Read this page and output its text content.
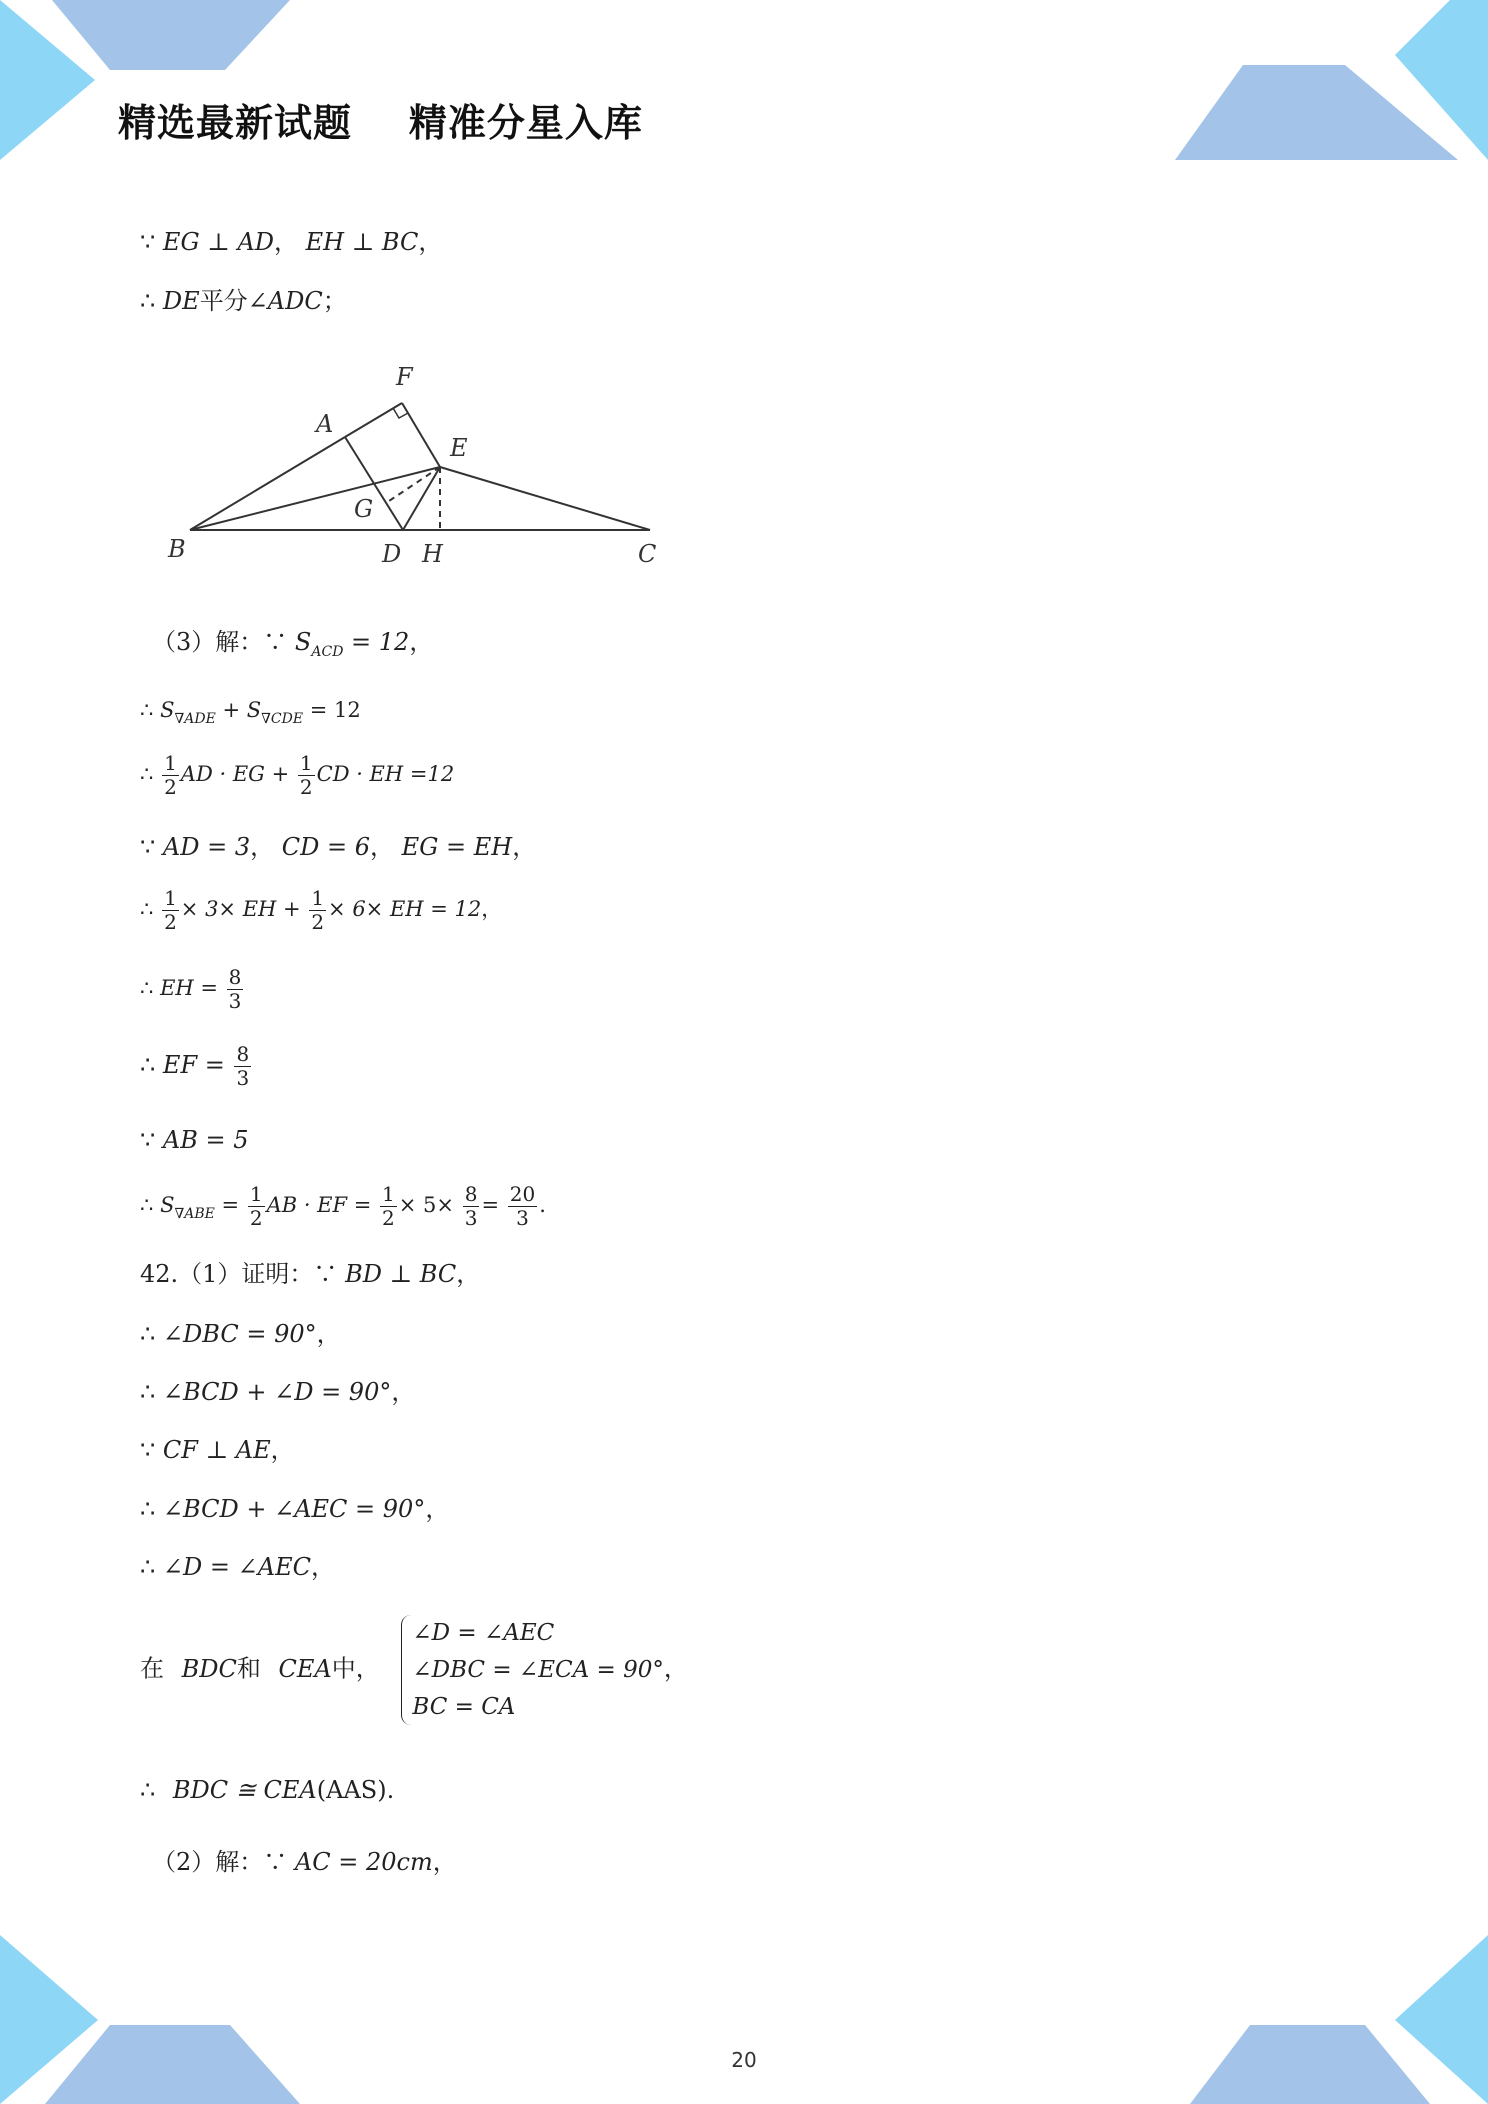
精选最新试题    精准分星入库
∵ EG ⊥ AD， EH ⊥ BC，
∴ DE平分∠ADC；
F
A
E
G
B	D H	C
（3）解：∵ $S_{ACD} = 12$，
∴ $S_{\nabla ADE} + S_{\nabla CDE} = 12$
∴ $\frac{1}{2}$ AD · EG + $\frac{1}{2}$ CD · EH =12
∵ AD = 3， CD = 6， EG = EH，
∴ $\frac{1}{2} \times 3\times$ EH + $\frac{1}{2} \times 6\times$ EH = 12，
∴ EH = $\frac{8}{3}$
∴ EF = $\frac{8}{3}$
∵ AB = 5
∴ $S_{\nabla ABE} = \frac{1}{2}$ AB · EF = $\frac{1}{2} \times 5\times \frac{8}{3} = \frac{20}{3}$ .
42.（1）证明：∵ BD ⊥ BC，
∴ ∠DBC = 90°，
∴ ∠BCD + ∠D = 90°，
∵ CF ⊥ AE，
∴ ∠BCD + ∠AEC = 90°，
∴ ∠D = ∠AEC，
在 BDC和 CEA中，
∠D = ∠AEC
∠DBC = ∠ECA = 90°
BC = CA
，
∴ BDC ≅ CEA(AAS).
（2）解：∵ AC = 20cm，
20
